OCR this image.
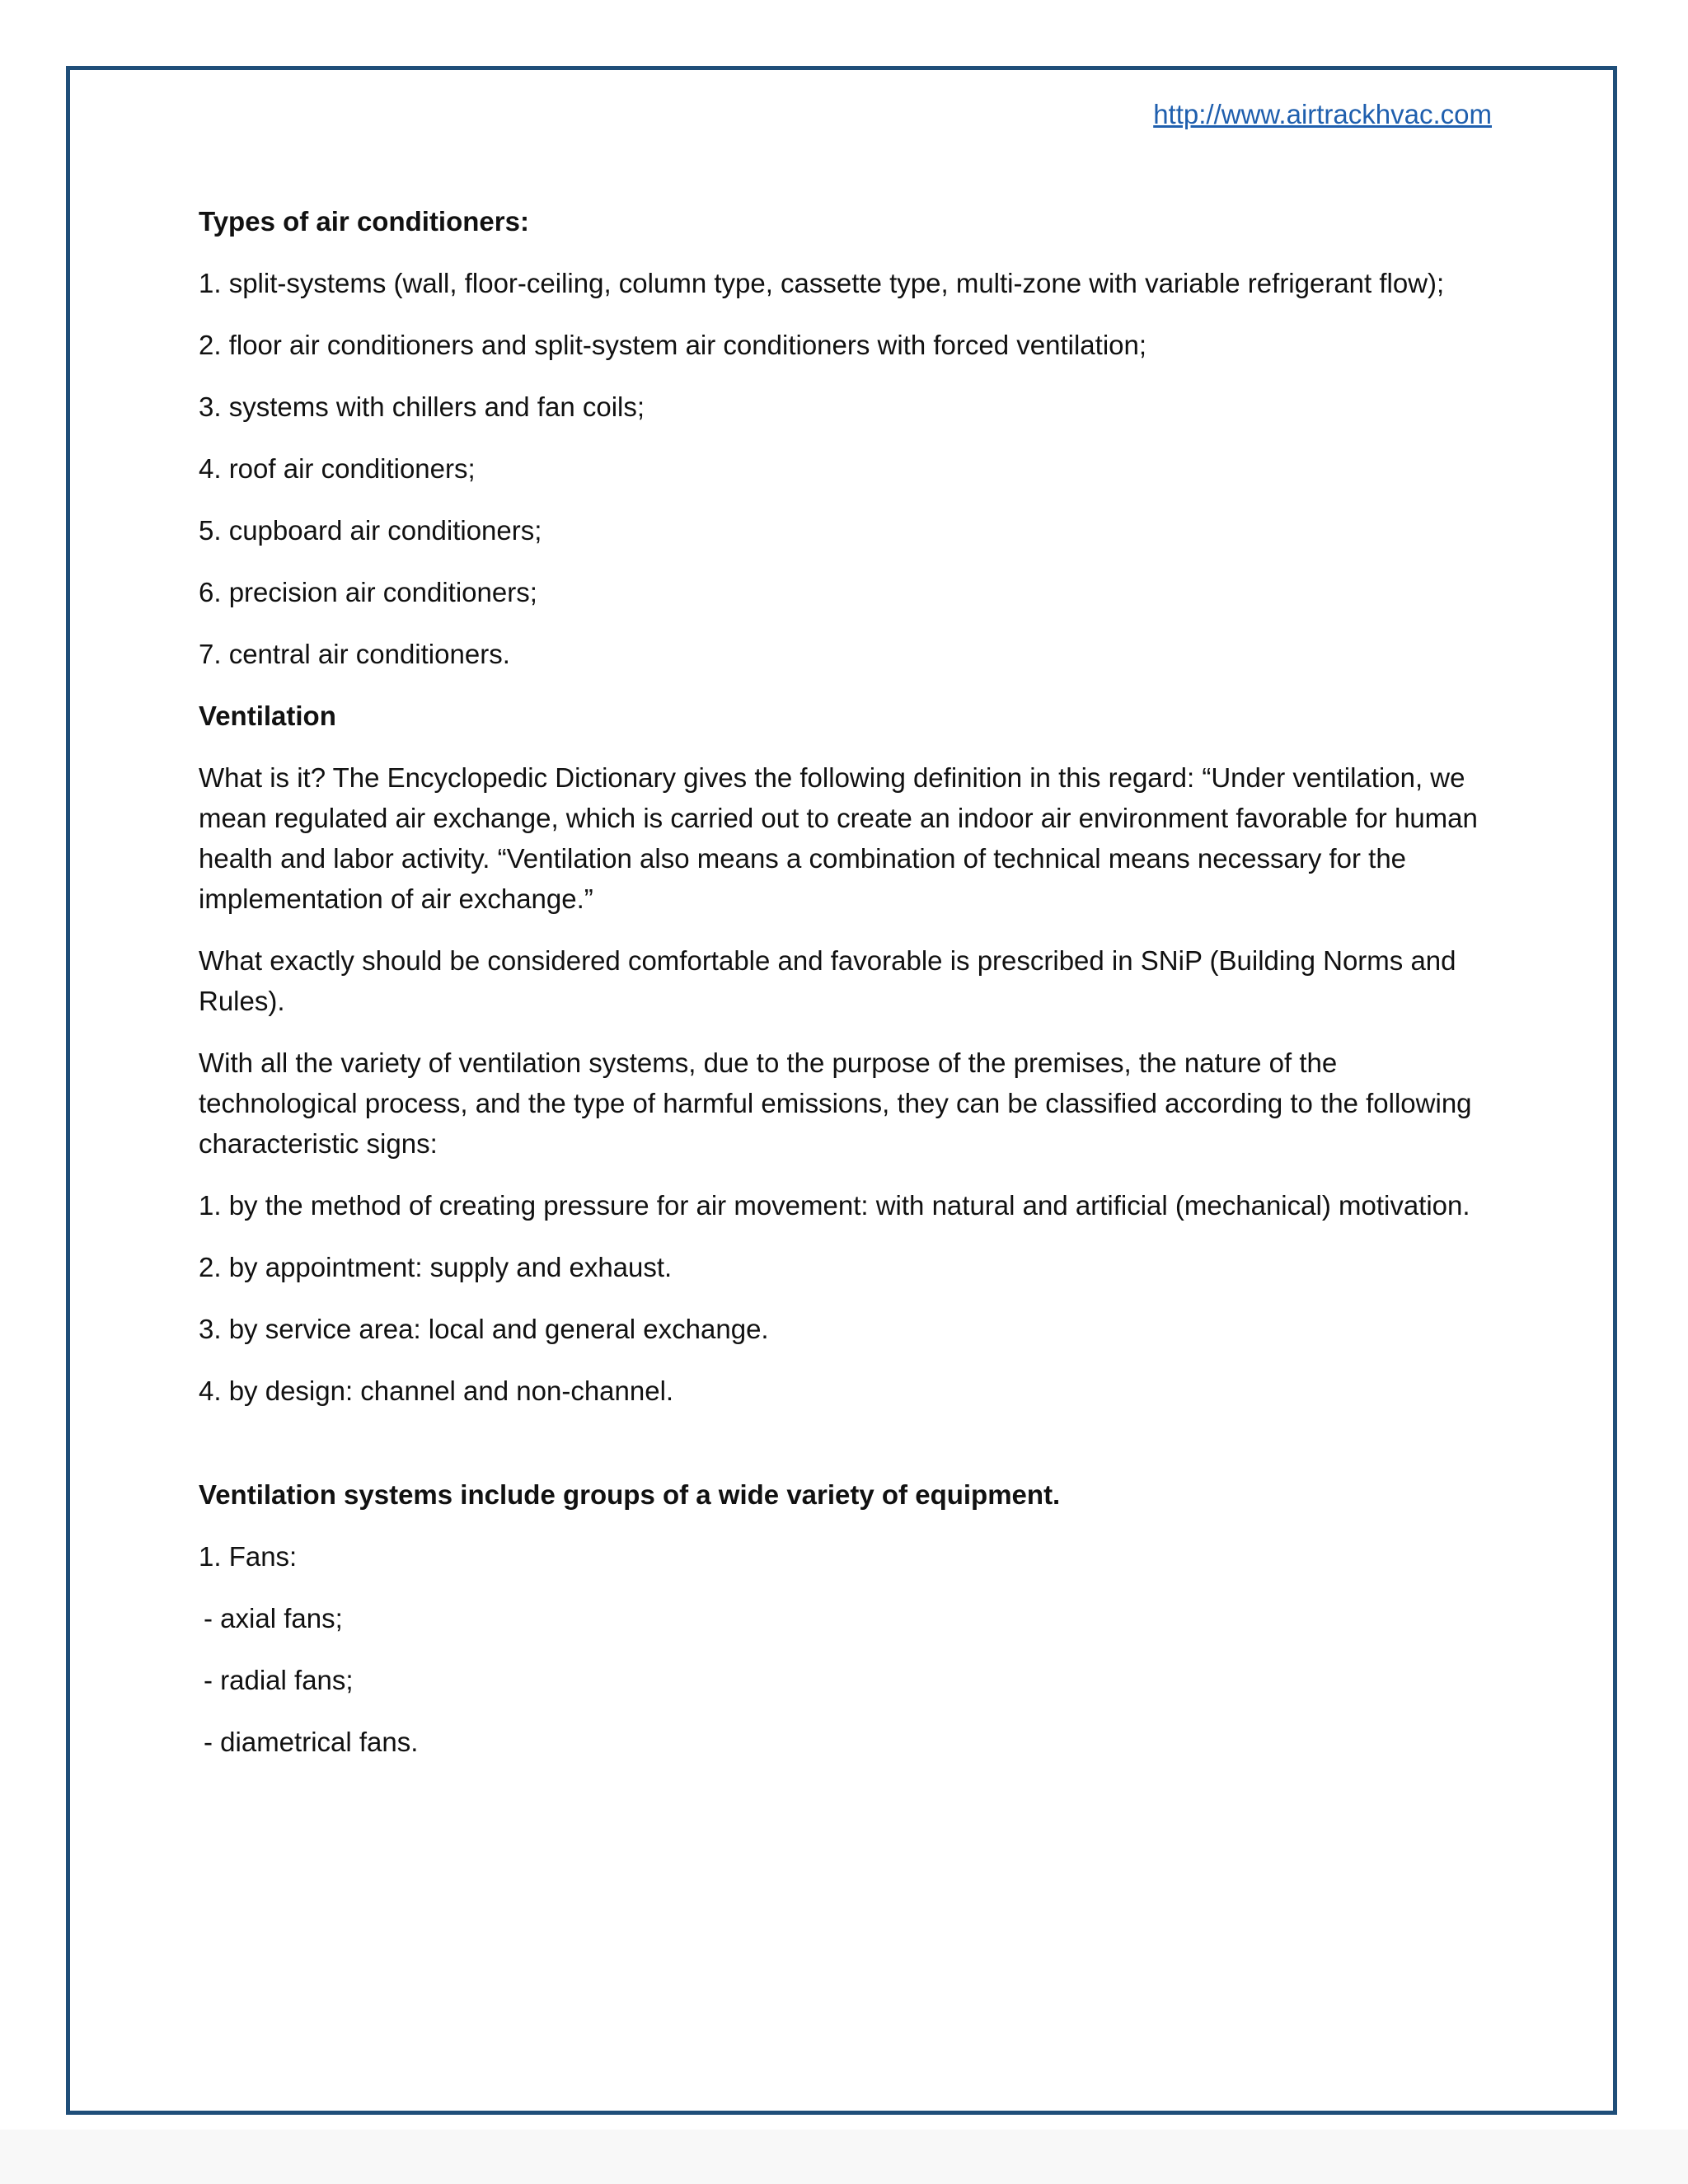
http://www.airtrackhvac.com

Types of air conditioners:

1. split-systems (wall, floor-ceiling, column type, cassette type, multi-zone with variable refrigerant flow);

2. floor air conditioners and split-system air conditioners with forced ventilation;

3. systems with chillers and fan coils;

4. roof air conditioners;

5. cupboard air conditioners;

6. precision air conditioners;

7. central air conditioners.

Ventilation

What is it? The Encyclopedic Dictionary gives the following definition in this regard: “Under ventilation, we mean regulated air exchange, which is carried out to create an indoor air environment favorable for human health and labor activity. “Ventilation also means a combination of technical means necessary for the implementation of air exchange.”

What exactly should be considered comfortable and favorable is prescribed in SNiP (Building Norms and Rules).

With all the variety of ventilation systems, due to the purpose of the premises, the nature of the technological process, and the type of harmful emissions, they can be classified according to the following characteristic signs:

1. by the method of creating pressure for air movement: with natural and artificial (mechanical) motivation.

2. by appointment: supply and exhaust.

3. by service area: local and general exchange.

4. by design: channel and non-channel.

Ventilation systems include groups of a wide variety of equipment.

1. Fans:

- axial fans;

- radial fans;

- diametrical fans.
